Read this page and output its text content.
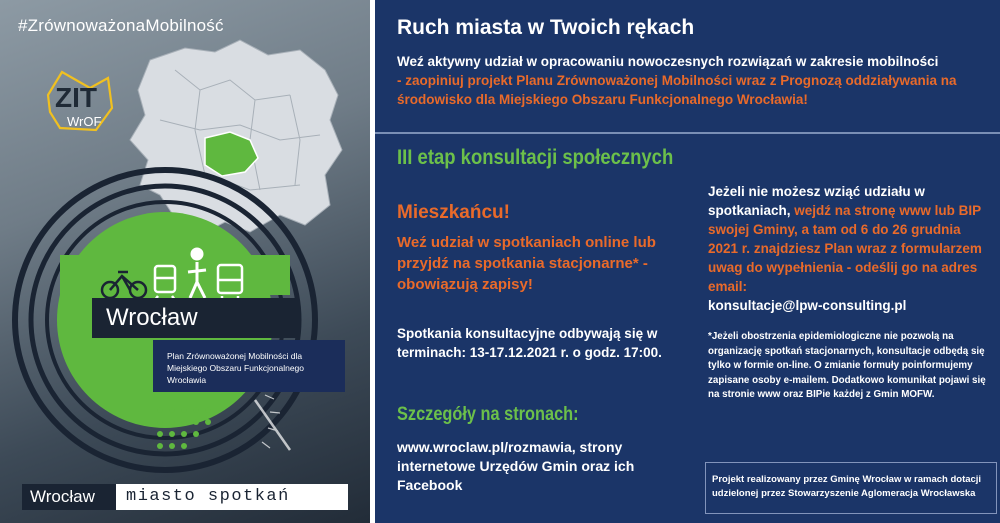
#ZrównoważonaMobilność
ZIT
WrOF
Wrocław
Plan Zrównoważonej Mobilności dla
Miejskiego Obszaru Funkcjonalnego Wrocławia
Wrocław	miasto spotkań
Ruch miasta w Twoich rękach
Weź aktywny udział w opracowaniu nowoczesnych rozwiązań w zakresie mobilności
- zaopiniuj projekt Planu Zrównoważonej Mobilności wraz z Prognozą oddziaływania na środowisko dla Miejskiego Obszaru Funkcjonalnego Wrocławia!
III etap konsultacji społecznych
Mieszkańcu!
Weź udział w spotkaniach online lub przyjdź na spotkania stacjonarne* - obowiązują zapisy!
Spotkania konsultacyjne odbywają się w terminach: 13-17.12.2021 r. o godz. 17:00.
Szczegóły na stronach:
www.wroclaw.pl/rozmawia, strony internetowe Urzędów Gmin oraz ich Facebook
Jeżeli nie możesz wziąć udziału w spotkaniach, wejdź na stronę www lub BIP swojej Gminy, a tam od 6 do 26 grudnia 2021 r. znajdziesz Plan wraz z formularzem uwag do wypełnienia - odeślij go na adres email:
konsultacje@lpw-consulting.pl
*Jeżeli obostrzenia epidemiologiczne nie pozwolą na organizację spotkań stacjonarnych, konsultacje odbędą się tylko w formie on-line. O zmianie formuły poinformujemy zapisane osoby e-mailem. Dodatkowo komunikat pojawi się na stronie www oraz BIPie każdej z Gmin MOFW.
Projekt realizowany przez Gminę Wrocław w ramach dotacji udzielonej przez Stowarzyszenie Aglomeracja Wrocławska
